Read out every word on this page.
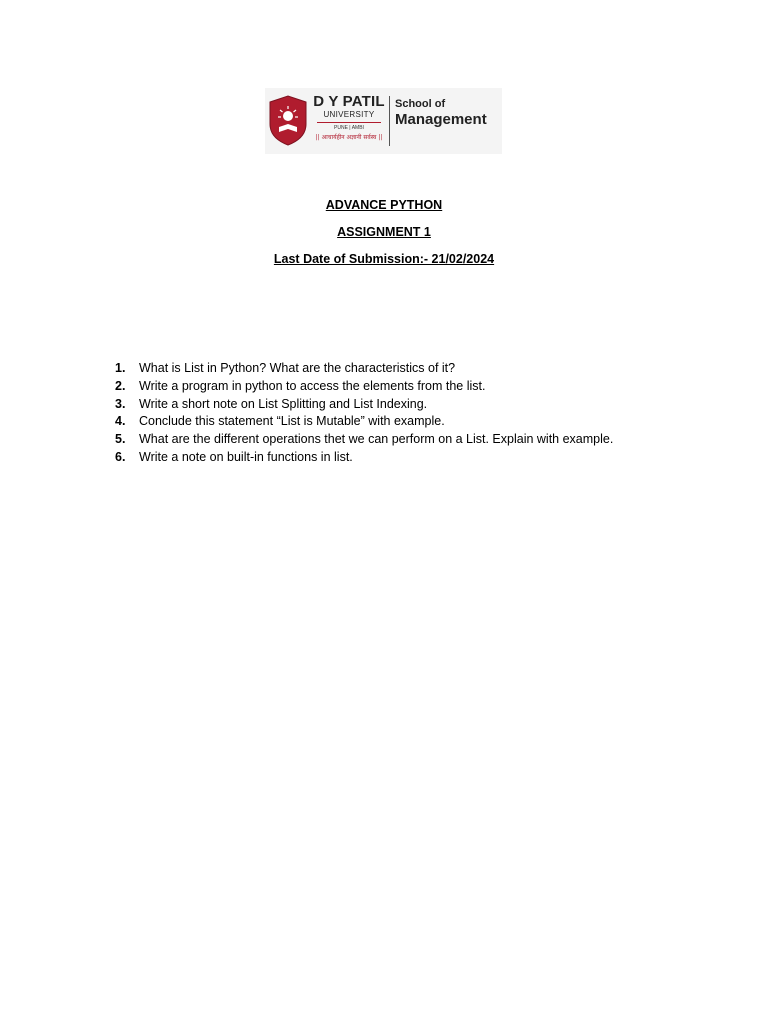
D Y PATIL
UNIVERSITY
PUNE | AMBI
|| आचार्यहीन अज्ञानी सर्वस्व ||
School of
Management
ADVANCE PYTHON
ASSIGNMENT 1
Last Date of Submission:- 21/02/2024
1. What is List in Python? What are the characteristics of it?
2. Write a program in python to access the elements from the list.
3. Write a short note on List Splitting and List Indexing.
4. Conclude this statement “List is Mutable” with example.
5. What are the different operations thet we can perform on a List. Explain with example.
6. Write a note on built-in functions in list.
